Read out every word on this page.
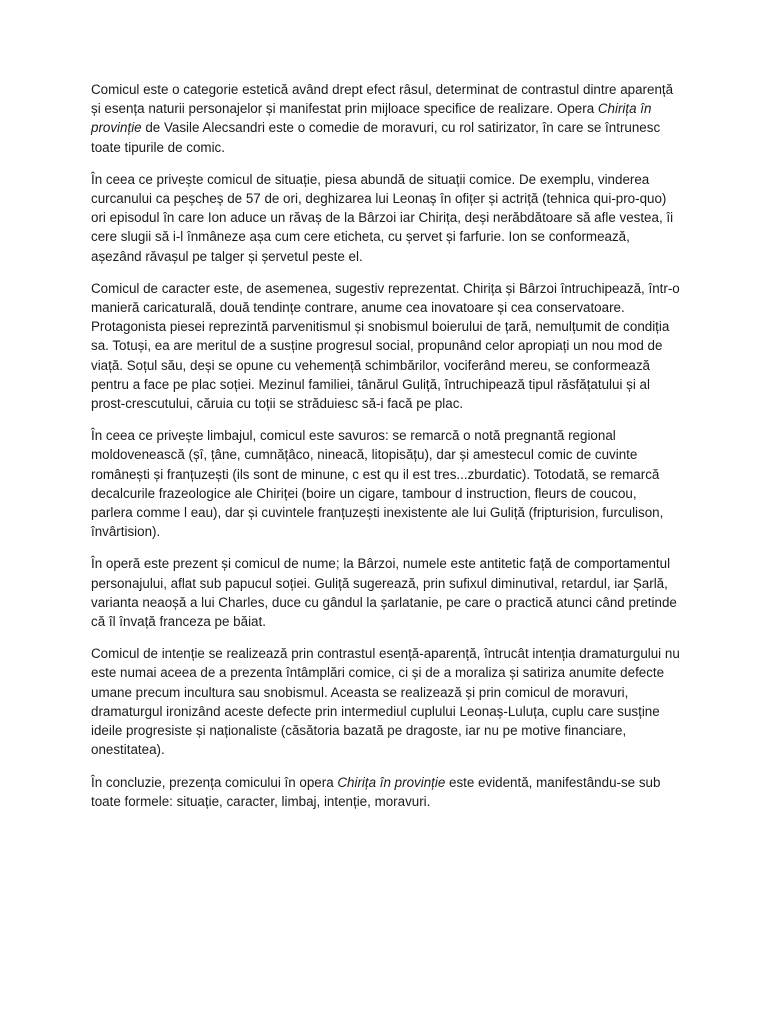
Comicul este o categorie estetică având drept efect râsul, determinat de contrastul dintre aparență și esența naturii personajelor și manifestat prin mijloace specifice de realizare. Opera Chirița în provinție de Vasile Alecsandri este o comedie de moravuri, cu rol satirizator, în care se întrunesc toate tipurile de comic.

În ceea ce privește comicul de situație, piesa abundă de situații comice. De exemplu, vinderea curcanului ca peșcheș de 57 de ori, deghizarea lui Leonaș în ofițer și actriță (tehnica qui-pro-quo) ori episodul în care Ion aduce un răvaș de la Bârzoi iar Chirița, deși nerăbdătoare să afle vestea, îi cere slugii să i-l înmâneze așa cum cere eticheta, cu șervet și farfurie. Ion se conformează, așezând răvașul pe talger și șervetul peste el.

Comicul de caracter este, de asemenea, sugestiv reprezentat. Chirița și Bârzoi întruchipează, într-o manieră caricaturală, două tendințe contrare, anume cea inovatoare și cea conservatoare. Protagonista piesei reprezintă parvenitismul și snobismul boierului de țară, nemulțumit de condiția sa. Totuși, ea are meritul de a susține progresul social, propunând celor apropiați un nou mod de viață. Soțul său, deși se opune cu vehemență schimbărilor, vociferând mereu, se conformează pentru a face pe plac soției. Mezinul familiei, tânărul Guliță, întruchipează tipul răsfățatului și al prost-crescutului, căruia cu toții se străduiesc să-i facă pe plac.

În ceea ce privește limbajul, comicul este savuros: se remarcă o notă pregnantă regional moldovenească (șî, țâne, cumnățâco, nineacă, litopisățu), dar și amestecul comic de cuvinte românești și franțuzești (ils sont de minune, c est qu il est tres...zburdatic). Totodată, se remarcă decalcurile frazeologice ale Chiriței (boire un cigare, tambour d instruction, fleurs de coucou, parlera comme l eau), dar și cuvintele franțuzești inexistente ale lui Guliță (fripturision, furculison, învârtision).

În operă este prezent și comicul de nume; la Bârzoi, numele este antitetic față de comportamentul personajului, aflat sub papucul soției. Guliță sugerează, prin sufixul diminutival, retardul, iar Șarlă, varianta neaoșă a lui Charles, duce cu gândul la șarlatanie, pe care o practică atunci când pretinde că îl învață franceza pe băiat.

Comicul de intenție se realizează prin contrastul esență-aparență, întrucât intenția dramaturgului nu este numai aceea de a prezenta întâmplări comice, ci și de a moraliza și satiriza anumite defecte umane precum incultura sau snobismul. Aceasta se realizează și prin comicul de moravuri, dramaturgul ironizând aceste defecte prin intermediul cuplului Leonaș-Luluța, cuplu care susține ideile progresiste și naționaliste (căsătoria bazată pe dragoste, iar nu pe motive financiare, onestitatea).

În concluzie, prezența comicului în opera Chirița în provinție este evidentă, manifestându-se sub toate formele: situație, caracter, limbaj, intenție, moravuri.
